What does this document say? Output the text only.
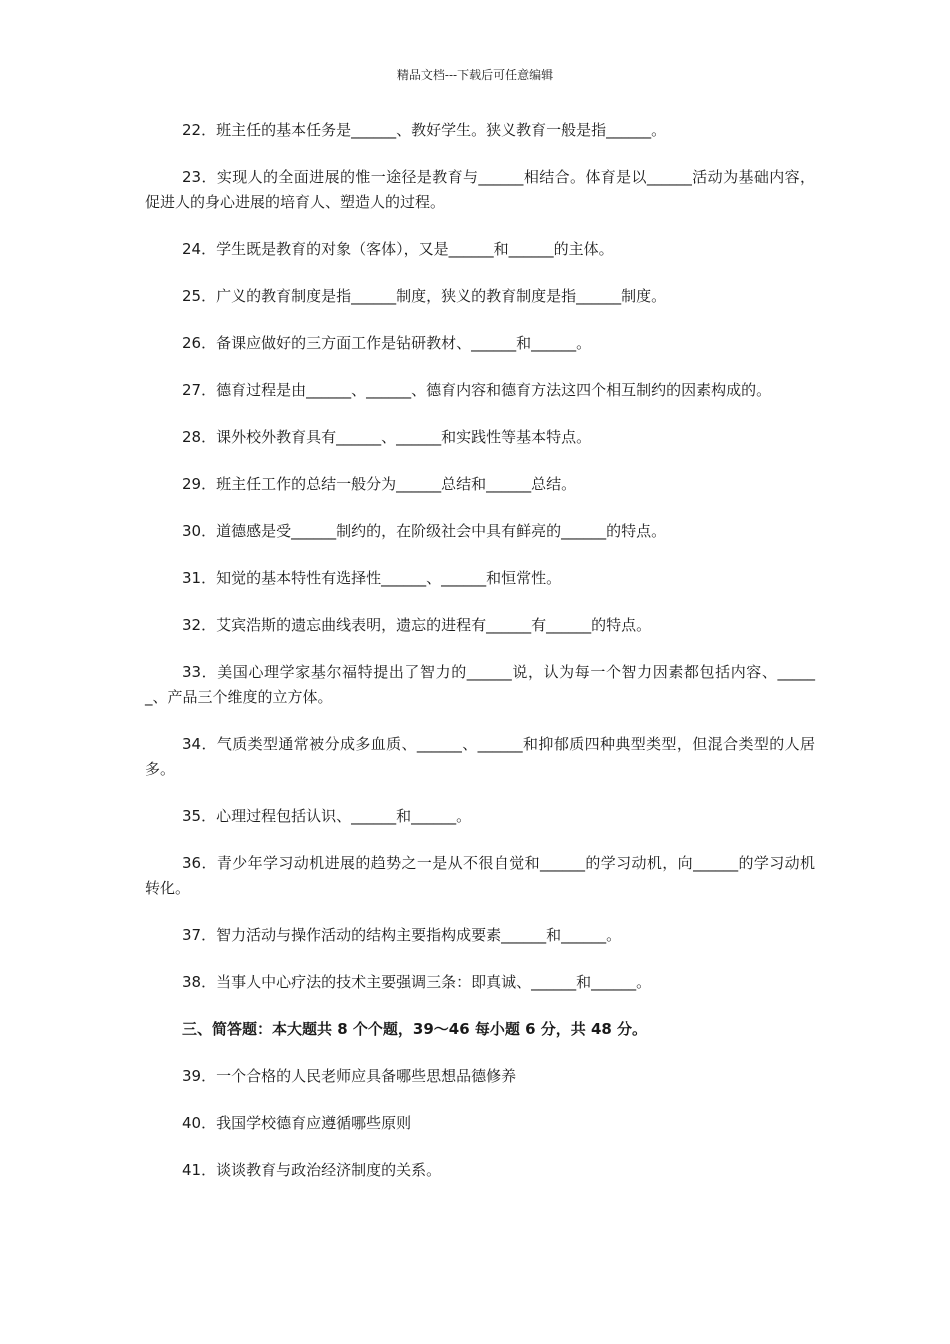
精品文档---下载后可任意编辑

22．班主任的基本任务是______、教好学生。狭义教育一般是指______。

23．实现人的全面进展的惟一途径是教育与______相结合。体育是以______活动为基础内容，促进人的身心进展的培育人、塑造人的过程。

24．学生既是教育的对象（客体），又是______和______的主体。

25．广义的教育制度是指______制度，狭义的教育制度是指______制度。

26．备课应做好的三方面工作是钻研教材、______和______。

27．德育过程是由______、______、德育内容和德育方法这四个相互制约的因素构成的。

28．课外校外教育具有______、______和实践性等基本特点。

29．班主任工作的总结一般分为______总结和______总结。

30．道德感是受______制约的，在阶级社会中具有鲜亮的______的特点。

31．知觉的基本特性有选择性______、______和恒常性。

32．艾宾浩斯的遗忘曲线表明，遗忘的进程有______有______的特点。

33．美国心理学家基尔福特提出了智力的______说，认为每一个智力因素都包括内容、______、产品三个维度的立方体。

34．气质类型通常被分成多血质、______、______和抑郁质四种典型类型，但混合类型的人居多。

35．心理过程包括认识、______和______。

36．青少年学习动机进展的趋势之一是从不很自觉和______的学习动机，向______的学习动机转化。

37．智力活动与操作活动的结构主要指构成要素______和______。

38．当事人中心疗法的技术主要强调三条：即真诚、______和______。

三、简答题：本大题共 8 个个题，39～46 每小题 6 分，共 48 分。

39．一个合格的人民老师应具备哪些思想品德修养

40．我国学校德育应遵循哪些原则

41．谈谈教育与政治经济制度的关系。
